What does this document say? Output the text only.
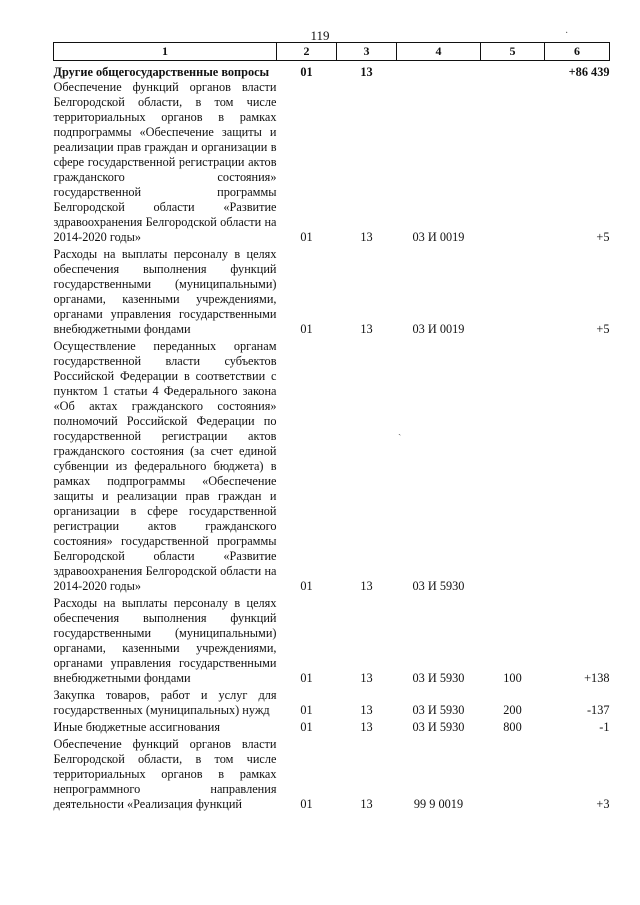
119
1	2	3	4	5	6
Другие общегосударственные вопросы	01	13			+86 439
Обеспечение функций органов власти Белгородской области, в том числе территориальных органов в рамках подпрограммы «Обеспечение защиты и реализации прав граждан и организации в сфере государственной регистрации актов гражданского состояния» государственной программы Белгородской области «Развитие здравоохранения Белгородской области на 2014-2020 годы»	01	13	03 И 0019		+5
Расходы на выплаты персоналу в целях обеспечения выполнения функций государственными (муниципальными) органами, казенными учреждениями, органами управления государственными внебюджетными фондами	01	13	03 И 0019		+5
Осуществление переданных органам государственной власти субъектов Российской Федерации в соответствии с пунктом 1 статьи 4 Федерального закона «Об актах гражданского состояния» полномочий Российской Федерации по государственной регистрации актов гражданского состояния (за счет единой субвенции из федерального бюджета) в рамках подпрограммы «Обеспечение защиты и реализации прав граждан и организации в сфере государственной регистрации актов гражданского состояния» государственной программы Белгородской области «Развитие здравоохранения Белгородской области на 2014-2020 годы»	01	13	03 И 5930		
Расходы на выплаты персоналу в целях обеспечения выполнения функций государственными (муниципальными) органами, казенными учреждениями, органами управления государственными внебюджетными фондами	01	13	03 И 5930	100	+138
Закупка товаров, работ и услуг для государственных (муниципальных) нужд	01	13	03 И 5930	200	-137
Иные бюджетные ассигнования	01	13	03 И 5930	800	-1
Обеспечение функций органов власти Белгородской области, в том числе территориальных органов в рамках непрограммного направления деятельности «Реализация функций	01	13	99 9 0019		+3
ˎ
·
